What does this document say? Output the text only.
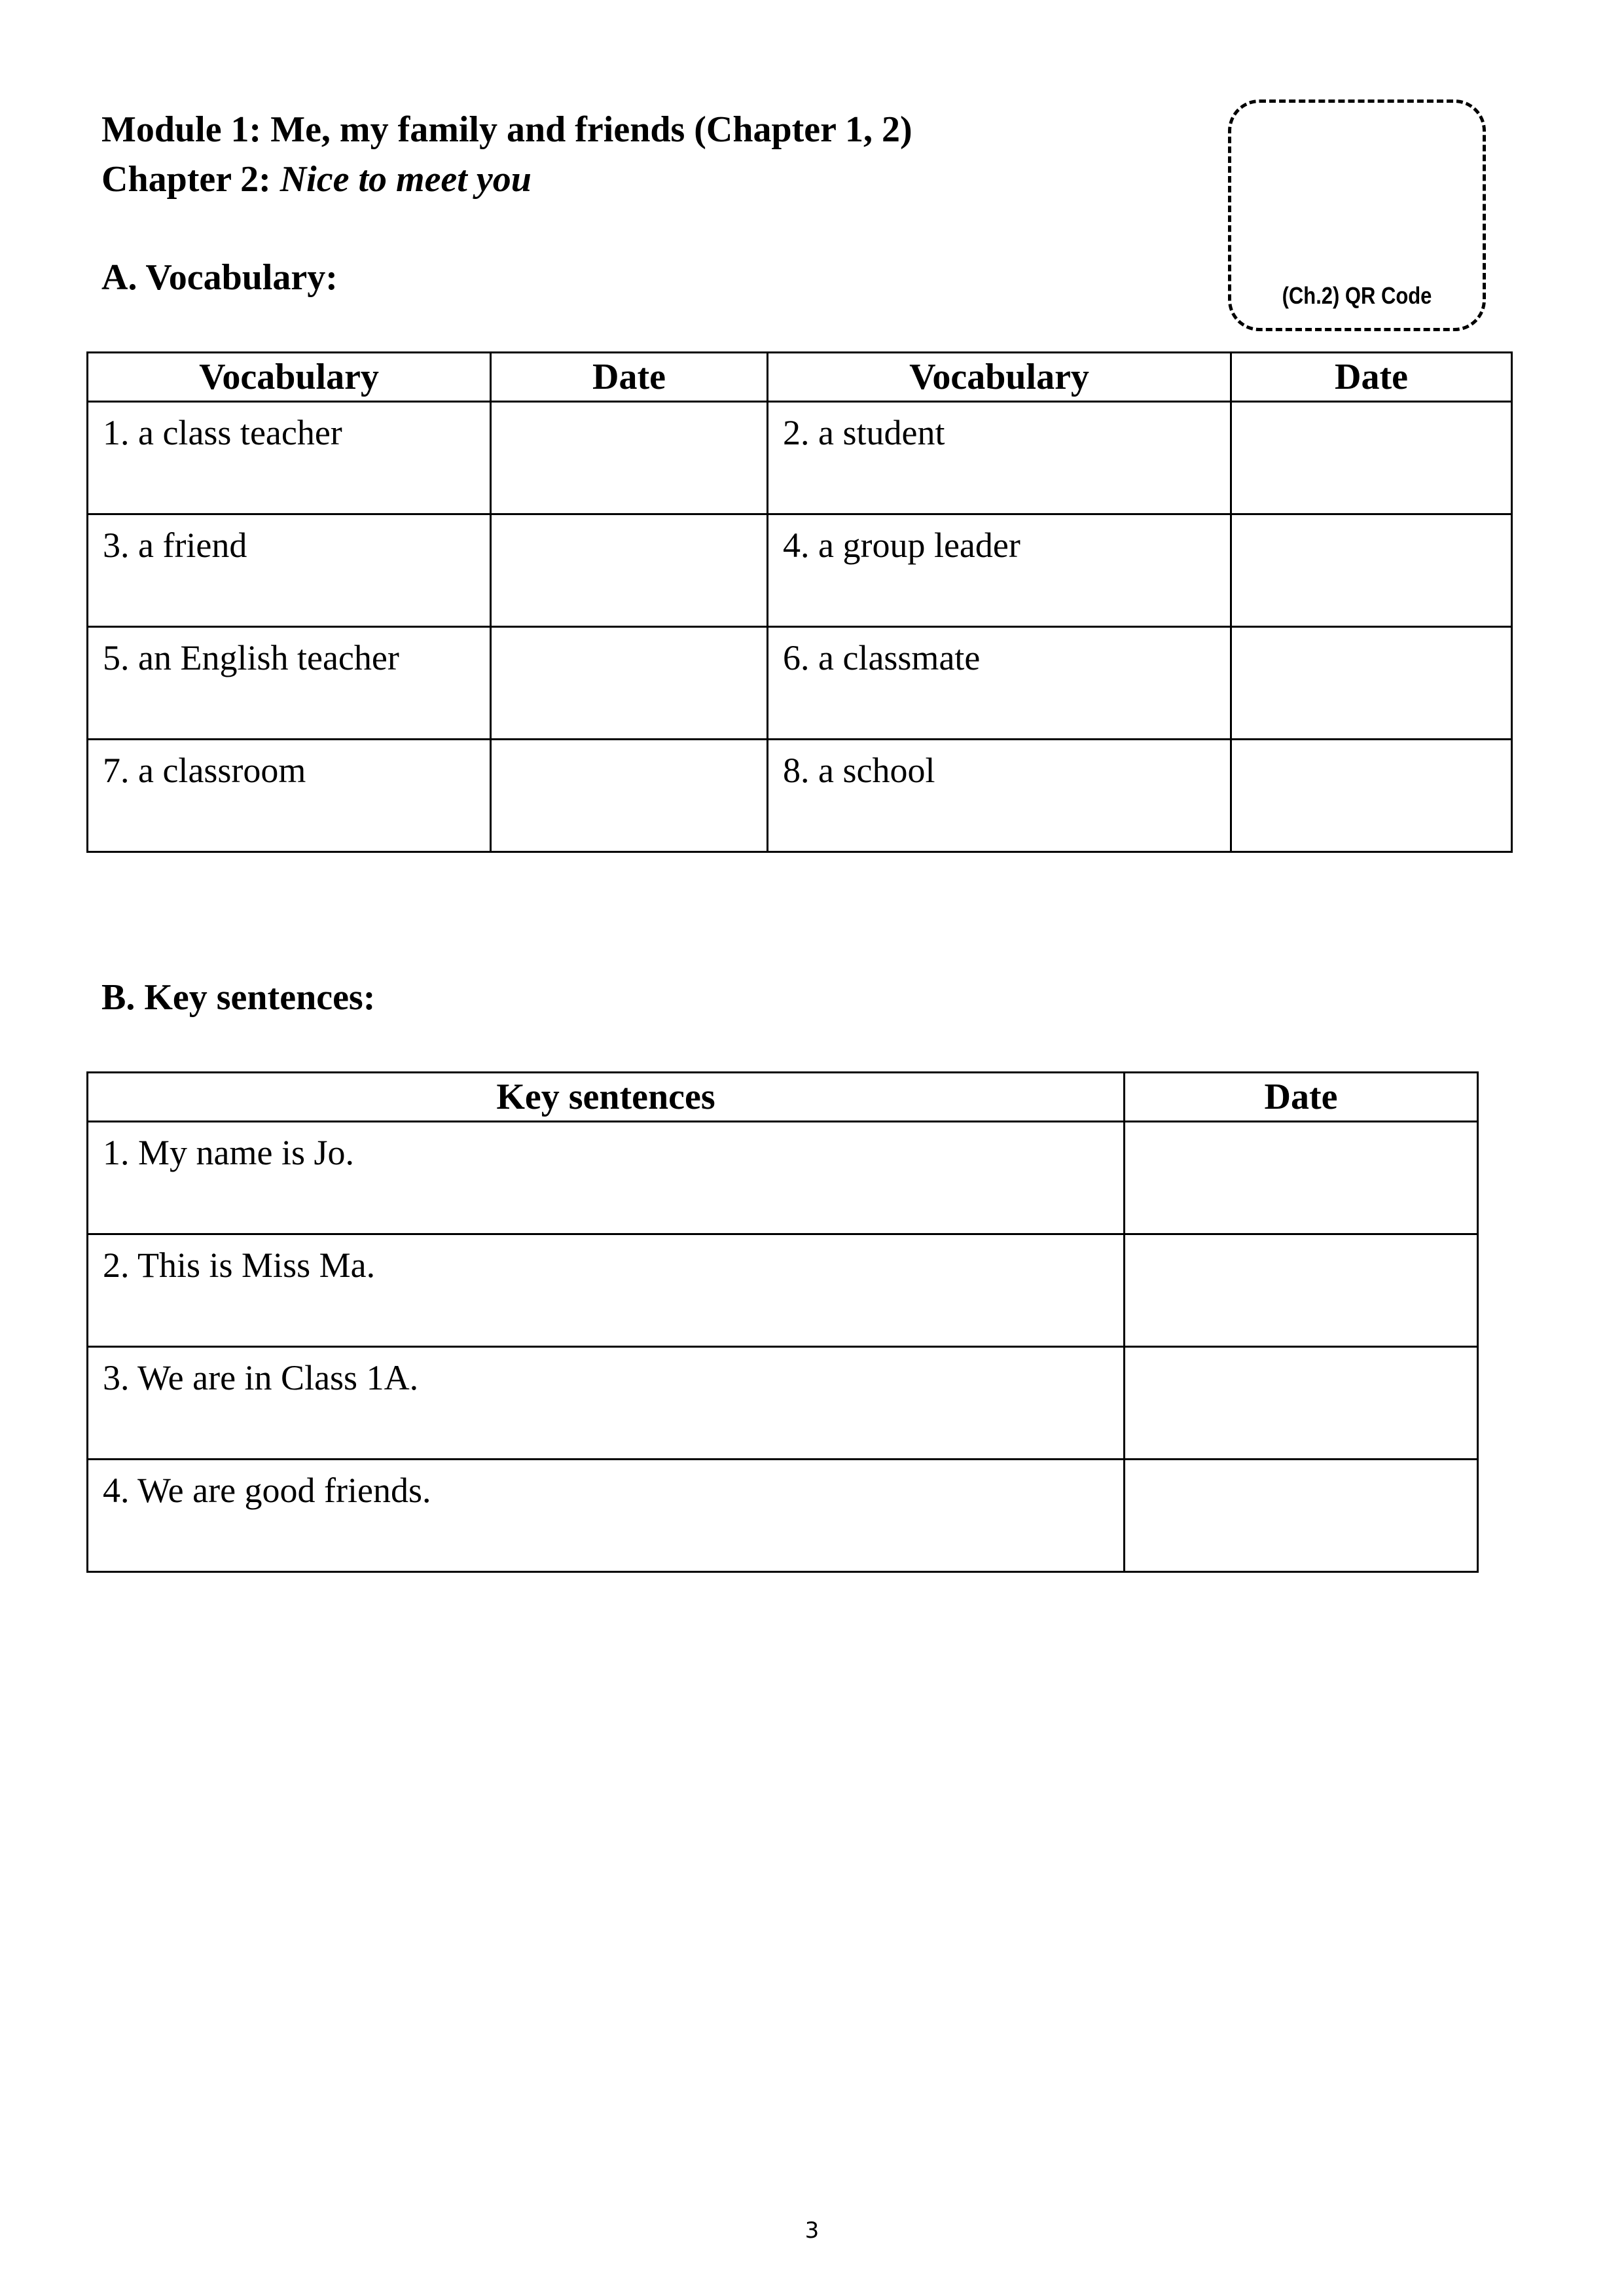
Module 1: Me, my family and friends (Chapter 1, 2)
Chapter 2: Nice to meet you
(Ch.2) QR Code
A. Vocabulary:
Vocabulary	Date	Vocabulary	Date
1. a class teacher		2. a student	
3. a friend		4. a group leader	
5. an English teacher		6. a classmate	
7. a classroom		8. a school	
B. Key sentences:
Key sentences	Date
1. My name is Jo.	
2. This is Miss Ma.	
3. We are in Class 1A.	
4. We are good friends.	
3
